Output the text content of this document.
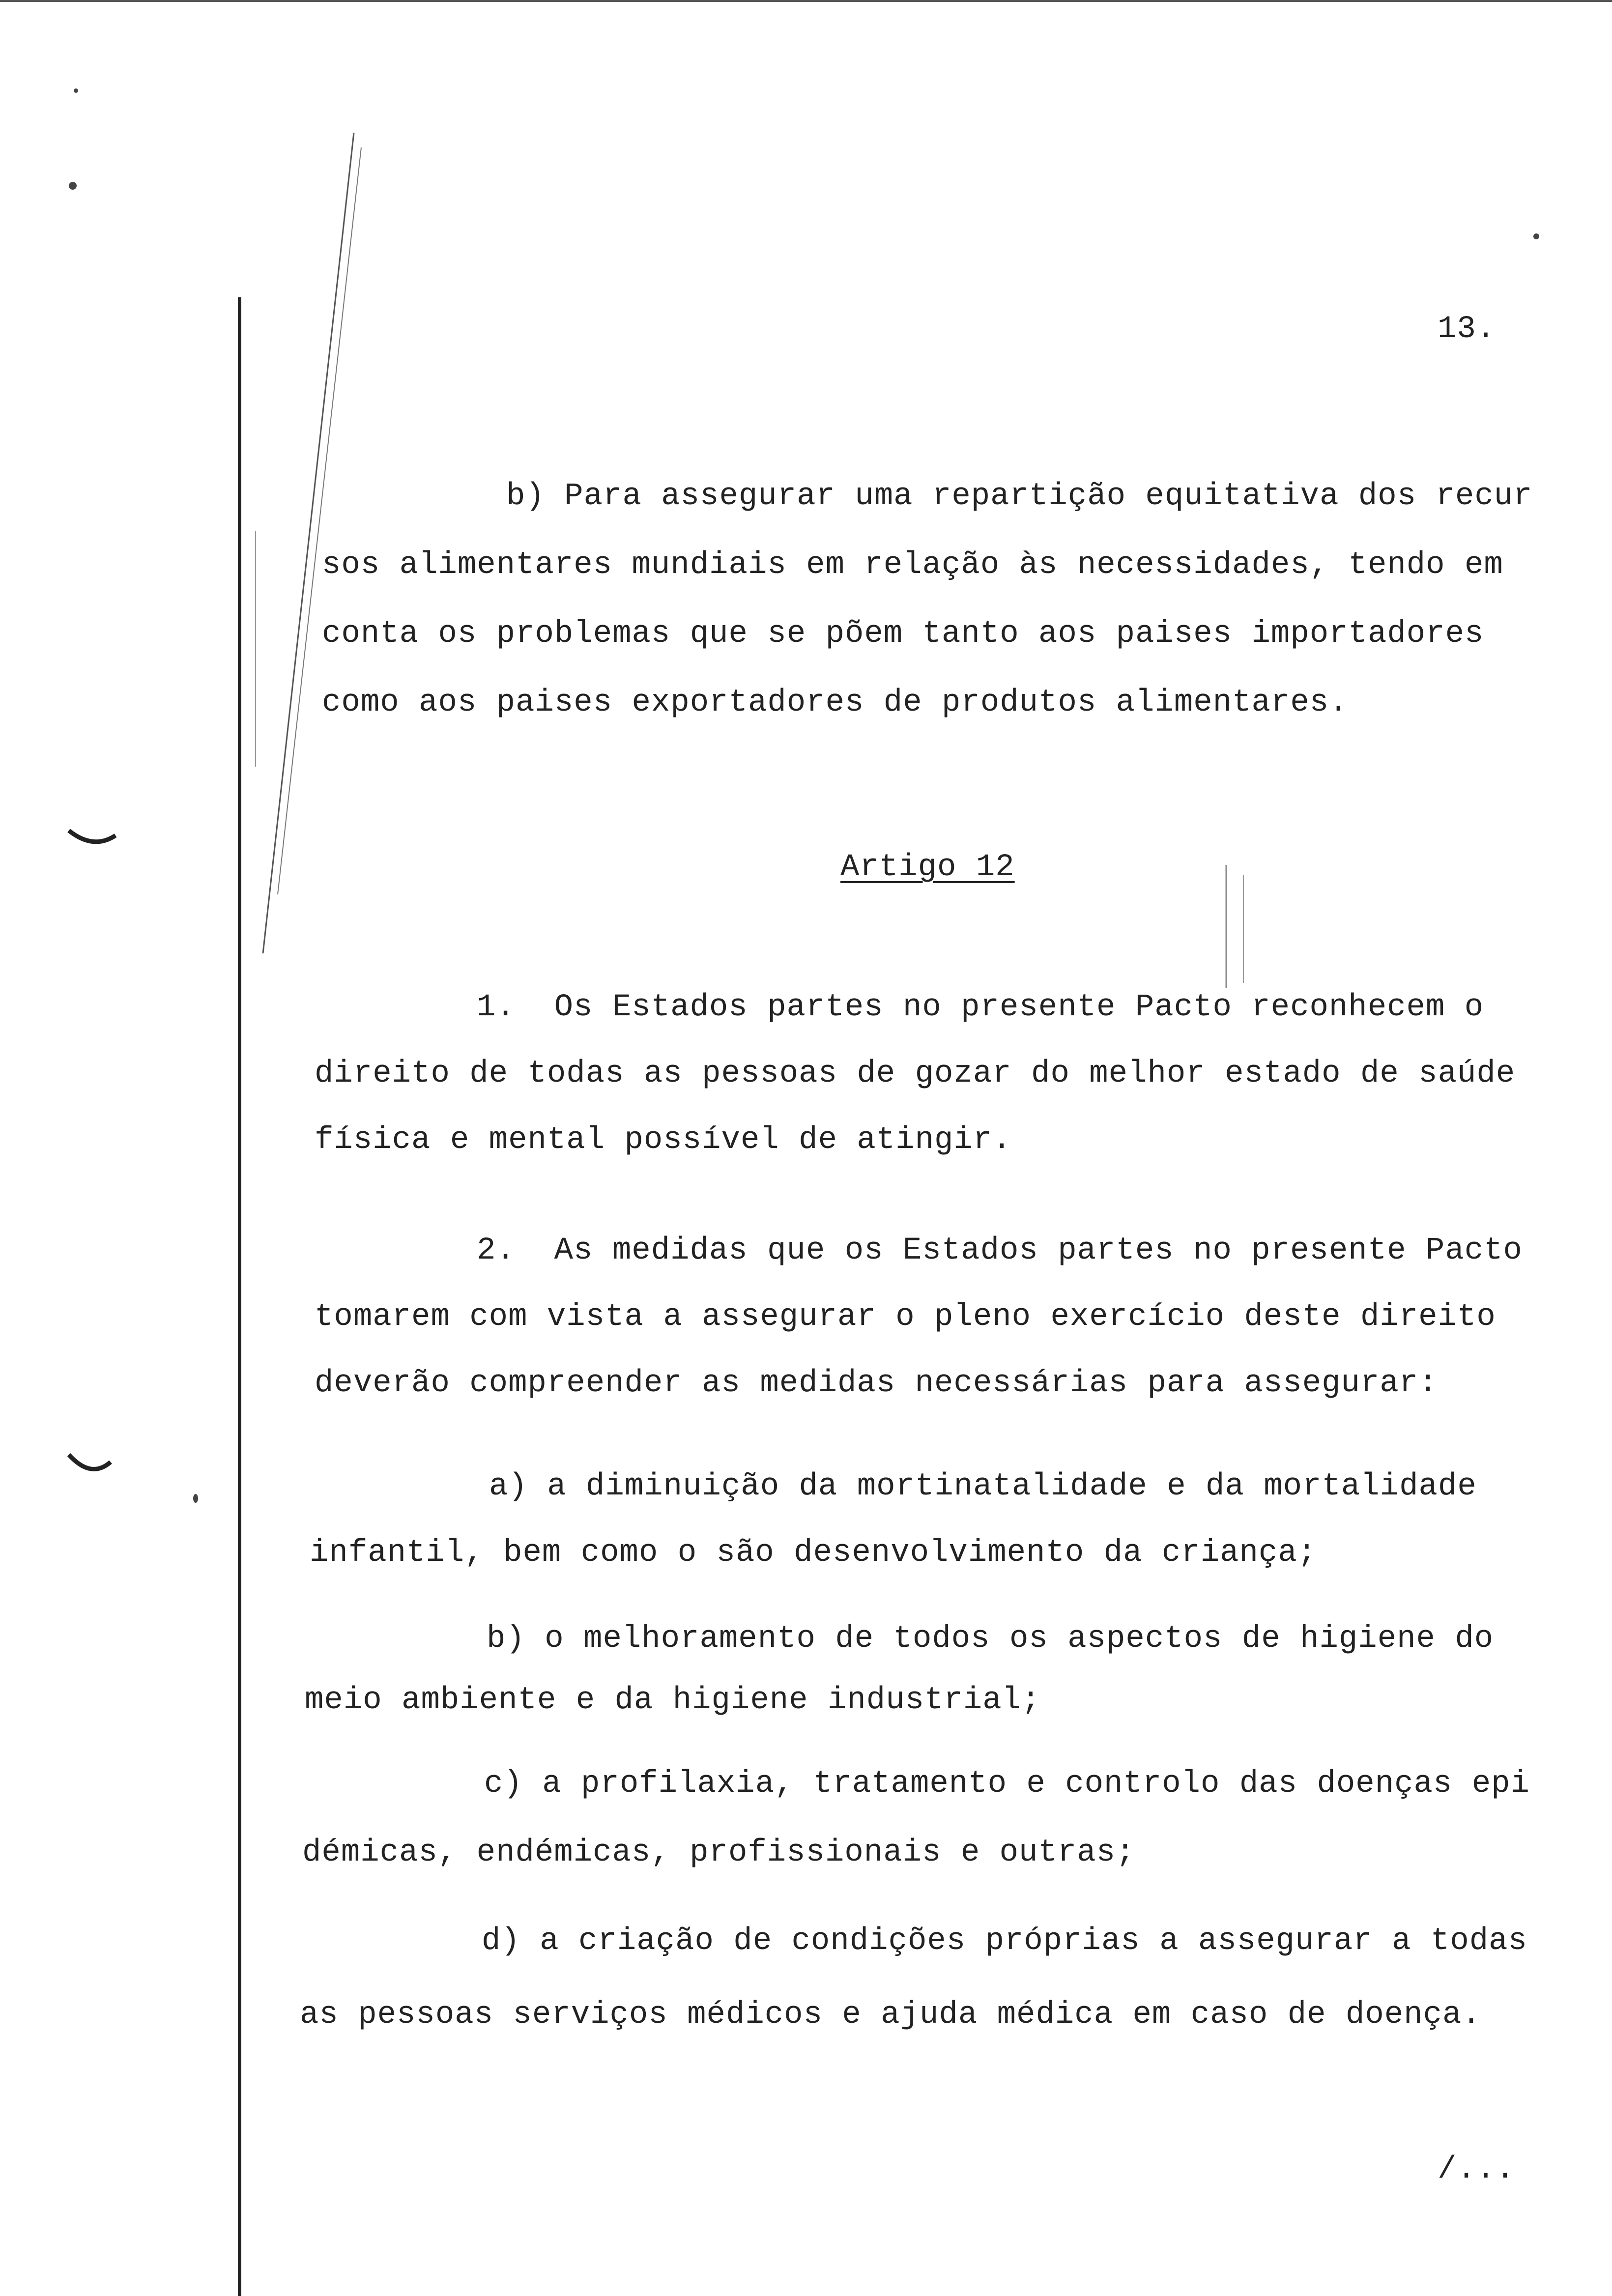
13.
b) Para assegurar uma repartição equitativa dos recur
sos alimentares mundiais em relação às necessidades, tendo em
conta os problemas que se põem tanto aos paises importadores
como aos paises exportadores de produtos alimentares.
Artigo 12
1.  Os Estados partes no presente Pacto reconhecem o
direito de todas as pessoas de gozar do melhor estado de saúde
física e mental possível de atingir.
2.  As medidas que os Estados partes no presente Pacto
tomarem com vista a assegurar o pleno exercício deste direito
deverão compreender as medidas necessárias para assegurar:
a) a diminuição da mortinatalidade e da mortalidade
infantil, bem como o são desenvolvimento da criança;
b) o melhoramento de todos os aspectos de higiene do
meio ambiente e da higiene industrial;
c) a profilaxia, tratamento e controlo das doenças epi
démicas, endémicas, profissionais e outras;
d) a criação de condições próprias a assegurar a todas
as pessoas serviços médicos e ajuda médica em caso de doença.
/...
